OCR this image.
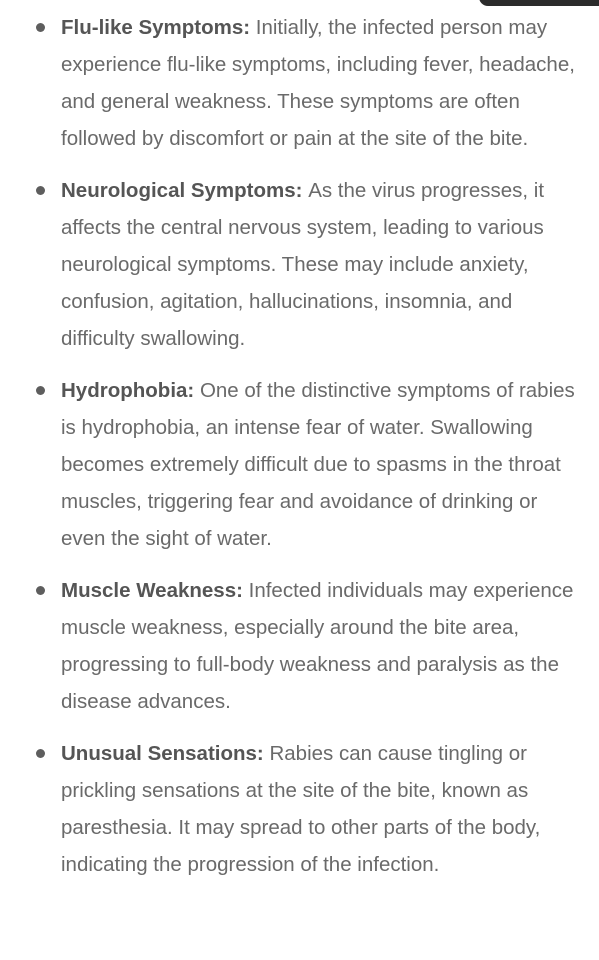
Flu-like Symptoms: Initially, the infected person may experience flu-like symptoms, including fever, headache, and general weakness. These symptoms are often followed by discomfort or pain at the site of the bite.
Neurological Symptoms: As the virus progresses, it affects the central nervous system, leading to various neurological symptoms. These may include anxiety, confusion, agitation, hallucinations, insomnia, and difficulty swallowing.
Hydrophobia: One of the distinctive symptoms of rabies is hydrophobia, an intense fear of water. Swallowing becomes extremely difficult due to spasms in the throat muscles, triggering fear and avoidance of drinking or even the sight of water.
Muscle Weakness: Infected individuals may experience muscle weakness, especially around the bite area, progressing to full-body weakness and paralysis as the disease advances.
Unusual Sensations: Rabies can cause tingling or prickling sensations at the site of the bite, known as paresthesia. It may spread to other parts of the body, indicating the progression of the infection.
